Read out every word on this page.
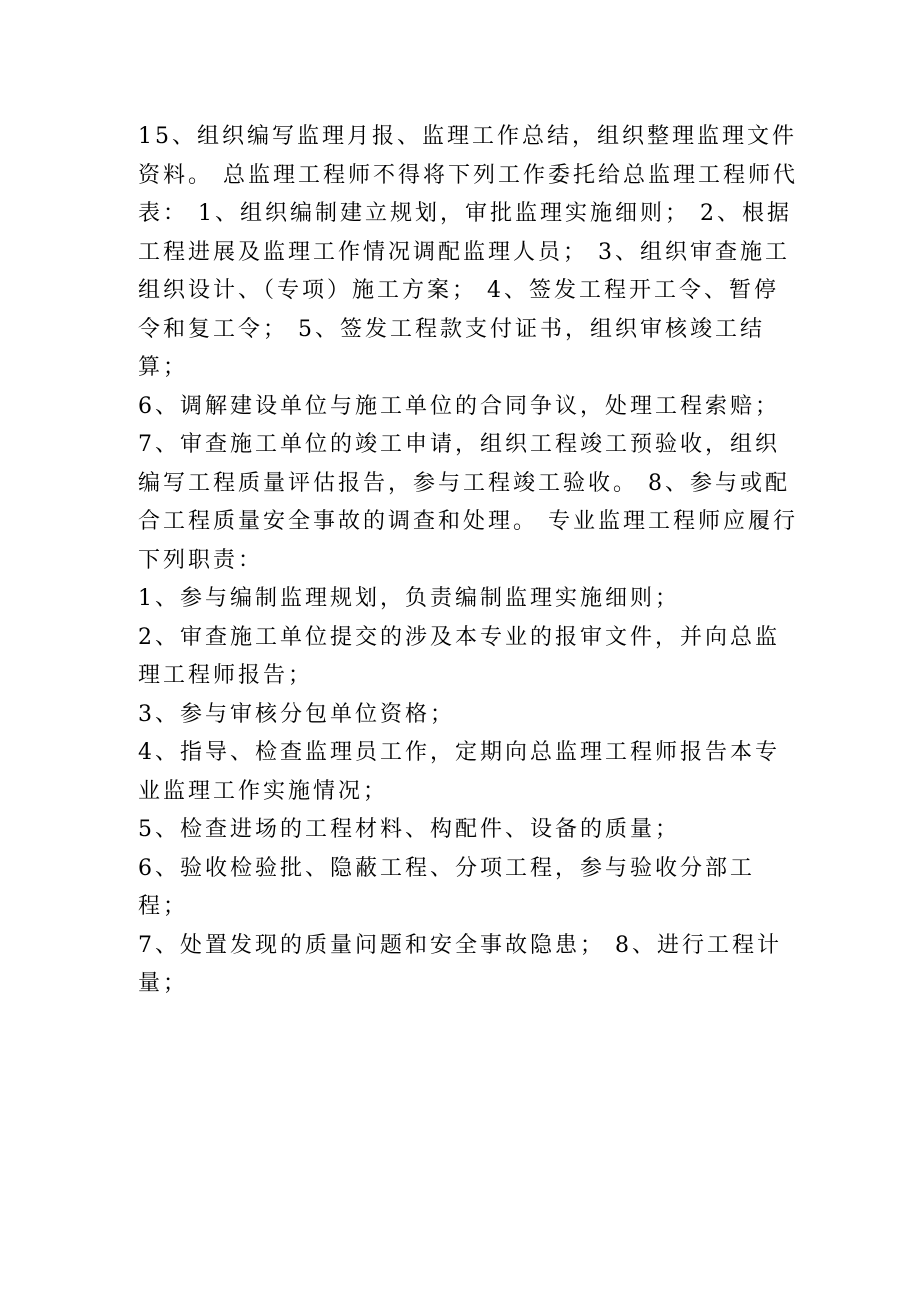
15、组织编写监理月报、监理工作总结，组织整理监理文件资料。 总监理工程师不得将下列工作委托给总监理工程师代表： 1、组织编制建立规划，审批监理实施细则； 2、根据工程进展及监理工作情况调配监理人员； 3、组织审查施工组织设计、（专项）施工方案； 4、签发工程开工令、暂停令和复工令； 5、签发工程款支付证书，组织审核竣工结算；

6、调解建设单位与施工单位的合同争议，处理工程索赔；

7、审查施工单位的竣工申请，组织工程竣工预验收，组织编写工程质量评估报告，参与工程竣工验收。 8、参与或配合工程质量安全事故的调查和处理。 专业监理工程师应履行下列职责：

1、参与编制监理规划，负责编制监理实施细则；

2、审查施工单位提交的涉及本专业的报审文件，并向总监理工程师报告；

3、参与审核分包单位资格；

4、指导、检查监理员工作，定期向总监理工程师报告本专业监理工作实施情况；

5、检查进场的工程材料、构配件、设备的质量；

6、验收检验批、隐蔽工程、分项工程，参与验收分部工程；

7、处置发现的质量问题和安全事故隐患； 8、进行工程计量；
